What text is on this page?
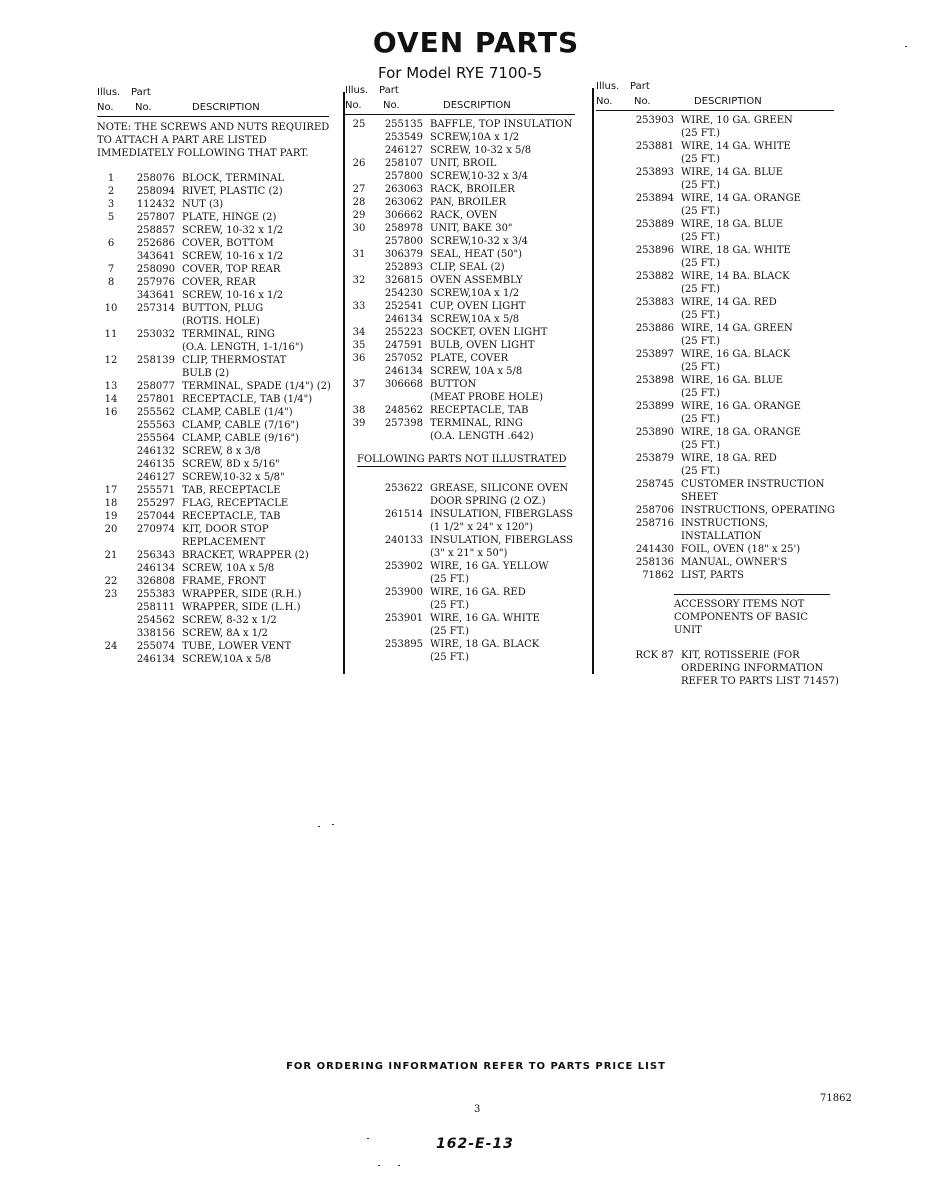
OVEN PARTS
For Model RYE 7100-5
Illus. Part
No. No.	DESCRIPTION
NOTE: THE SCREWS AND NUTS REQUIRED
TO ATTACH A PART ARE LISTED
IMMEDIATELY FOLLOWING THAT PART.
1	258076 BLOCK, TERMINAL
2	258094 RIVET, PLASTIC (2)
3	112432 NUT (3)
5	257807 PLATE, HINGE (2)
258857 SCREW, 10-32 x 1/2
6	252686 COVER, BOTTOM
343641 SCREW, 10-16 x 1/2
7	258090 COVER, TOP REAR
8	257976 COVER, REAR
343641 SCREW, 10-16 x 1/2
10	257314 BUTTON, PLUG
(ROTIS. HOLE)
11	253032 TERMINAL, RING
(O.A. LENGTH, 1-1/16")
12	258139 CLIP, THERMOSTAT
BULB (2)
13	258077 TERMINAL, SPADE (1/4") (2)
14	257801 RECEPTACLE, TAB (1/4")
16	255562 CLAMP, CABLE (1/4")
255563 CLAMP, CABLE (7/16")
255564 CLAMP, CABLE (9/16")
246132 SCREW, 8 x 3/8
246135 SCREW, 8D x 5/16"
246127 SCREW,10-32 x 5/8"
17	255571 TAB, RECEPTACLE
18	255297 FLAG, RECEPTACLE
19	257044 RECEPTACLE, TAB
20	270974 KIT, DOOR STOP
REPLACEMENT
21	256343 BRACKET, WRAPPER (2)
246134 SCREW, 10A x 5/8
22	326808 FRAME, FRONT
23	255383 WRAPPER, SIDE (R.H.)
258111 WRAPPER, SIDE (L.H.)
254562 SCREW, 8-32 x 1/2
338156 SCREW, 8A x 1/2
24	255074 TUBE, LOWER VENT
246134 SCREW,10A x 5/8
Illus. Part
No. No.	DESCRIPTION
25	255135 BAFFLE, TOP INSULATION
253549 SCREW,10A x 1/2
246127 SCREW, 10-32 x 5/8
26	258107 UNIT, BROIL
257800 SCREW,10-32 x 3/4
27	263063 RACK, BROILER
28	263062 PAN, BROILER
29	306662 RACK, OVEN
30	258978 UNIT, BAKE 30"
257800 SCREW,10-32 x 3/4
31	306379 SEAL, HEAT (50")
252893 CLIP, SEAL (2)
32	326815 OVEN ASSEMBLY
254230 SCREW,10A x 1/2
33	252541 CUP, OVEN LIGHT
246134 SCREW,10A x 5/8
34	255223 SOCKET, OVEN LIGHT
35	247591 BULB, OVEN LIGHT
36	257052 PLATE, COVER
246134 SCREW, 10A x 5/8
37	306668 BUTTON
(MEAT PROBE HOLE)
38	248562 RECEPTACLE, TAB
39	257398 TERMINAL, RING
(O.A. LENGTH .642)
FOLLOWING PARTS NOT ILLUSTRATED
253622 GREASE, SILICONE OVEN
DOOR SPRING (2 OZ.)
261514 INSULATION, FIBERGLASS
(1 1/2" x 24" x 120")
240133 INSULATION, FIBERGLASS
(3" x 21" x 50")
253902 WIRE, 16 GA. YELLOW
(25 FT.)
253900 WIRE, 16 GA. RED
(25 FT.)
253901 WIRE, 16 GA. WHITE
(25 FT.)
253895 WIRE, 18 GA. BLACK
(25 FT.)
Illus. Part
No. No.	DESCRIPTION
253903 WIRE, 10 GA. GREEN
(25 FT.)
253881 WIRE, 14 GA. WHITE
(25 FT.)
253893 WIRE, 14 GA. BLUE
(25 FT.)
253894 WIRE, 14 GA. ORANGE
(25 FT.)
253889 WIRE, 18 GA. BLUE
(25 FT.)
253896 WIRE, 18 GA. WHITE
(25 FT.)
253882 WIRE, 14 BA. BLACK
(25 FT.)
253883 WIRE, 14 GA. RED
(25 FT.)
253886 WIRE, 14 GA. GREEN
(25 FT.)
253897 WIRE, 16 GA. BLACK
(25 FT.)
253898 WIRE, 16 GA. BLUE
(25 FT.)
253899 WIRE, 16 GA. ORANGE
(25 FT.)
253890 WIRE, 18 GA. ORANGE
(25 FT.)
253879 WIRE, 18 GA. RED
(25 FT.)
258745 CUSTOMER INSTRUCTION
SHEET
258706 INSTRUCTIONS, OPERATING
258716 INSTRUCTIONS,
INSTALLATION
241430 FOIL, OVEN (18" x 25')
258136 MANUAL, OWNER'S
71862 LIST, PARTS
ACCESSORY ITEMS NOT
COMPONENTS OF BASIC UNIT
RCK 87 KIT, ROTISSERIE (FOR
ORDERING INFORMATION
REFER TO PARTS LIST 71457)
FOR ORDERING INFORMATION REFER TO PARTS PRICE LIST
3
71862
162-E-13
